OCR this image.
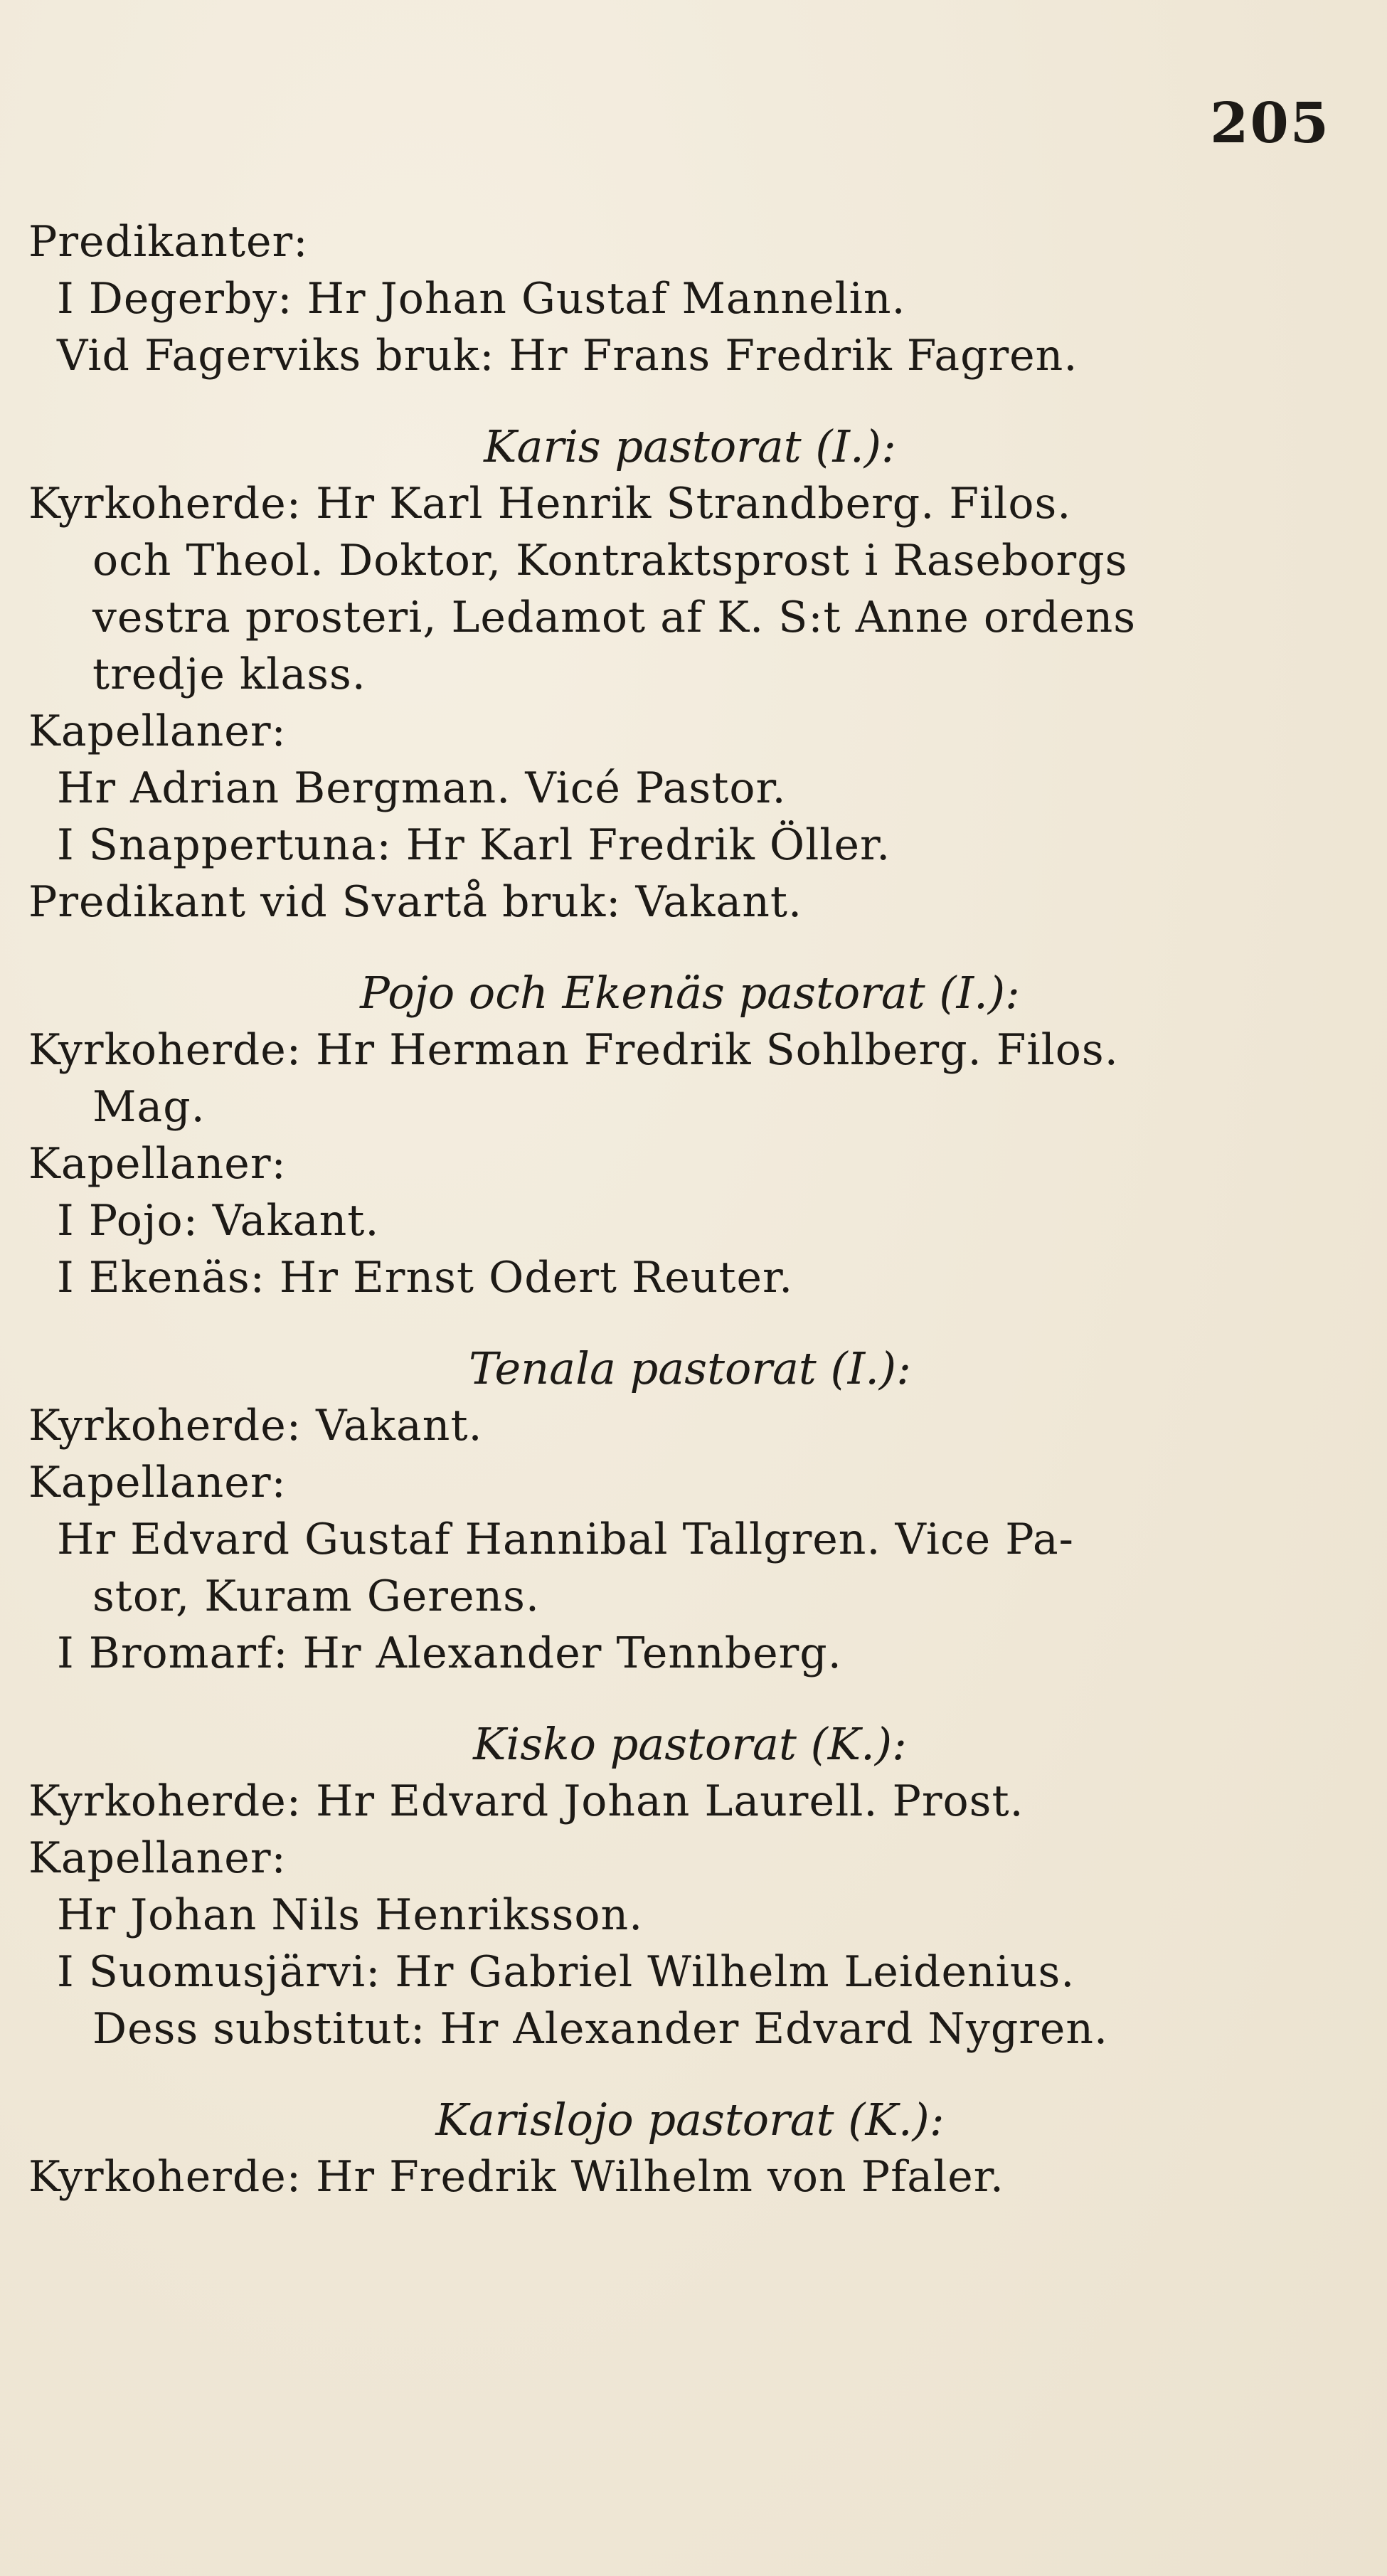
205
Predikanter:
I Degerby: Hr Johan Gustaf Mannelin.
Vid Fagerviks bruk: Hr Frans Fredrik Fagren.
Karis pastorat (I.):
Kyrkoherde: Hr Karl Henrik Strandberg. Filos.
och Theol. Doktor, Kontraktsprost i Raseborgs
vestra prosteri, Ledamot af K. S:t Anne ordens
tredje klass.
Kapellaner:
Hr Adrian Bergman. Vicé Pastor.
I Snappertuna: Hr Karl Fredrik Öller.
Predikant vid Svartå bruk: Vakant.
Pojo och Ekenäs pastorat (I.):
Kyrkoherde: Hr Herman Fredrik Sohlberg. Filos.
Mag.
Kapellaner:
I Pojo: Vakant.
I Ekenäs: Hr Ernst Odert Reuter.
Tenala pastorat (I.):
Kyrkoherde: Vakant.
Kapellaner:
Hr Edvard Gustaf Hannibal Tallgren. Vice Pa-
stor, Kuram Gerens.
I Bromarf: Hr Alexander Tennberg.
Kisko pastorat (K.):
Kyrkoherde: Hr Edvard Johan Laurell. Prost.
Kapellaner:
Hr Johan Nils Henriksson.
I Suomusjärvi: Hr Gabriel Wilhelm Leidenius.
Dess substitut: Hr Alexander Edvard Nygren.
Karislojo pastorat (K.):
Kyrkoherde: Hr Fredrik Wilhelm von Pfaler.
